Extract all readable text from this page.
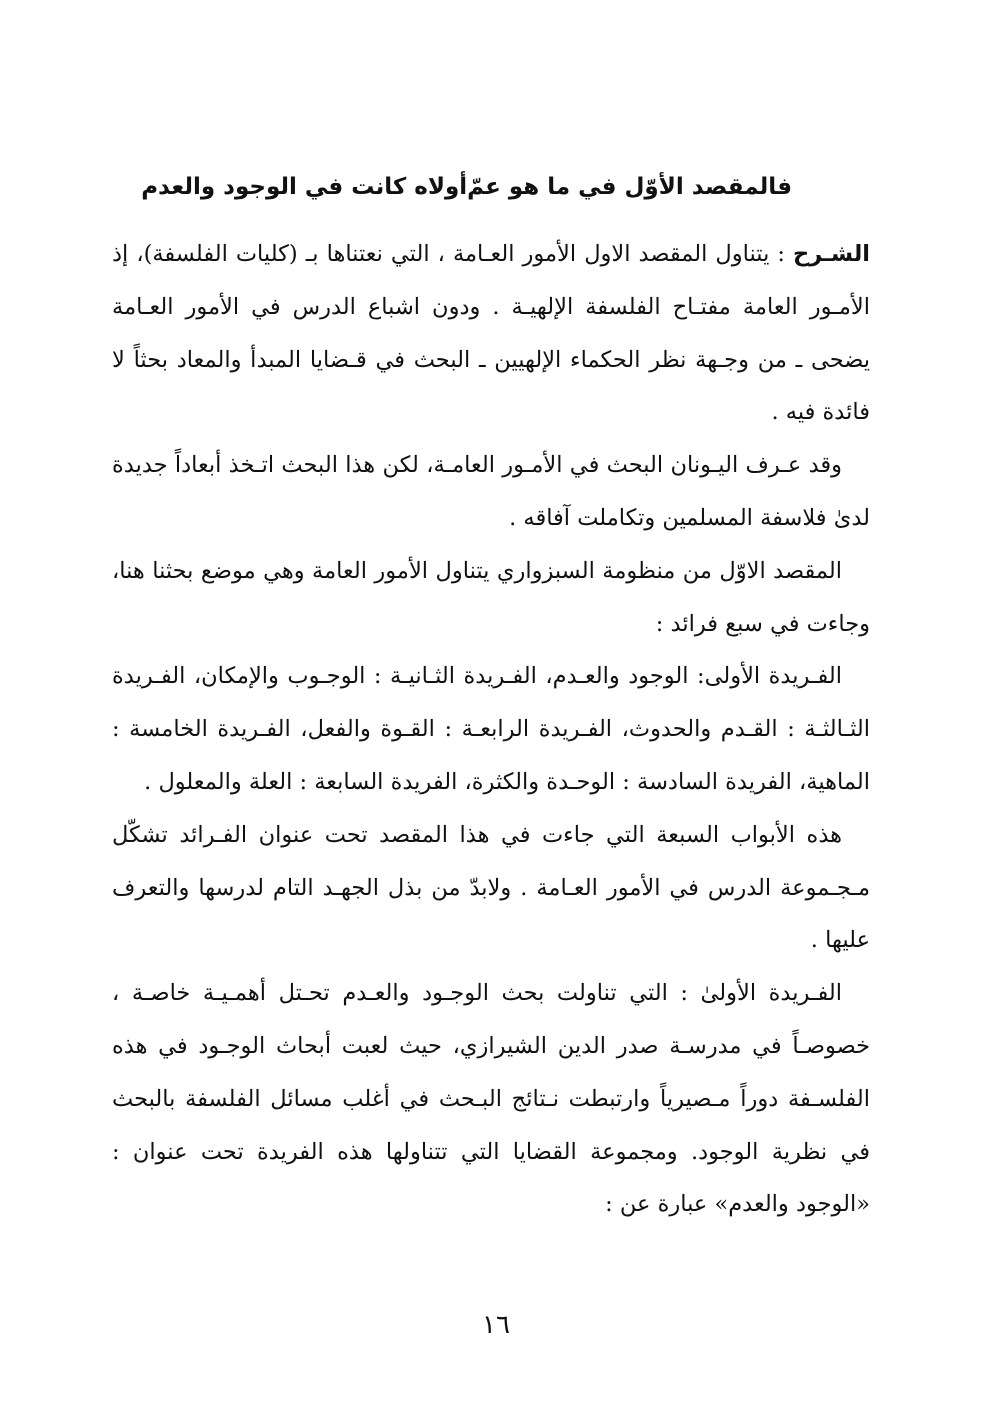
فالمقصد الأوّل في ما هو عمّ
أولاه كانت في الوجود والعدم

الشـرح : يتناول المقصد الاول الأمور العـامة ، التي نعتناها بـ (كليات الفلسفة)، إذ الأمـور العامة مفتـاح الفلسفة الإلهيـة . ودون اشباع الدرس في الأمور العـامة يضحى ـ من وجـهة نظر الحكماء الإلهيين ـ البحث في قـضايا المبدأ والمعاد بحثاً لا فائدة فيه .

وقد عـرف اليـونان البحث في الأمـور العامـة، لكن هذا البحث اتـخذ أبعاداً جديدة لدىٰ فلاسفة المسلمين وتكاملت آفاقه .

المقصد الاوّل من منظومة السبزواري يتناول الأمور العامة وهي موضع بحثنا هنا، وجاءت في سبع فرائد :

الفـريدة الأولى: الوجود والعـدم، الفـريدة الثـانيـة : الوجـوب والإمكان، الفـريدة الثـالثـة : القـدم والحدوث، الفـريدة الرابعـة : القـوة والفعل، الفـريدة الخامسة : الماهية، الفريدة السادسة : الوحـدة والكثرة، الفريدة السابعة : العلة والمعلول .

هذه الأبواب السبعة التي جاءت في هذا المقصد تحت عنوان الفـرائد تشكّل مـجـموعة الدرس في الأمور العـامة . ولابدّ من بذل الجهـد التام لدرسها والتعرف عليها .

الفـريدة الأولىٰ : التي تناولت بحث الوجـود والعـدم تحـتل أهمـيـة خاصـة ، خصوصـاً في مدرسـة صدر الدين الشيرازي، حيث لعبت أبحاث الوجـود في هذه الفلسـفة دوراً مـصيرياً وارتبطت نـتائج البـحث في أغلب مسائل الفلسفة بالبحث في نظرية الوجود. ومجموعة القضايا التي تتناولها هذه الفريدة تحت عنوان : «الوجود والعدم» عبارة عن :

١٦
